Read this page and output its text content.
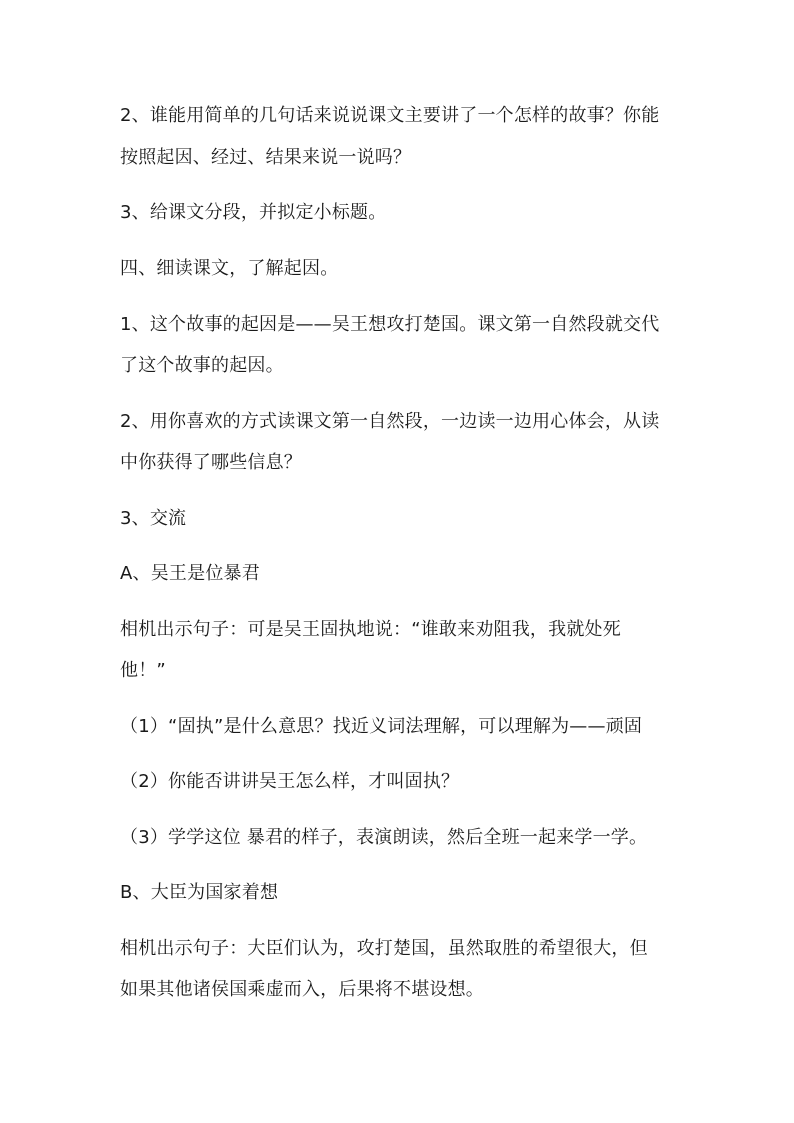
2、谁能用简单的几句话来说说课文主要讲了一个怎样的故事？你能
按照起因、经过、结果来说一说吗？
3、给课文分段，并拟定小标题。
四、细读课文，了解起因。
1、这个故事的起因是——吴王想攻打楚国。课文第一自然段就交代
了这个故事的起因。
2、用你喜欢的方式读课文第一自然段，一边读一边用心体会，从读
中你获得了哪些信息？
3、交流
A、吴王是位暴君
相机出示句子：可是吴王固执地说：“谁敢来劝阻我，我就处死
他！”
（1）“固执”是什么意思？找近义词法理解，可以理解为——顽固
（2）你能否讲讲吴王怎么样，才叫固执？
（3）学学这位 暴君的样子，表演朗读，然后全班一起来学一学。
B、大臣为国家着想
相机出示句子：大臣们认为，攻打楚国，虽然取胜的希望很大，但
如果其他诸侯国乘虚而入，后果将不堪设想。
